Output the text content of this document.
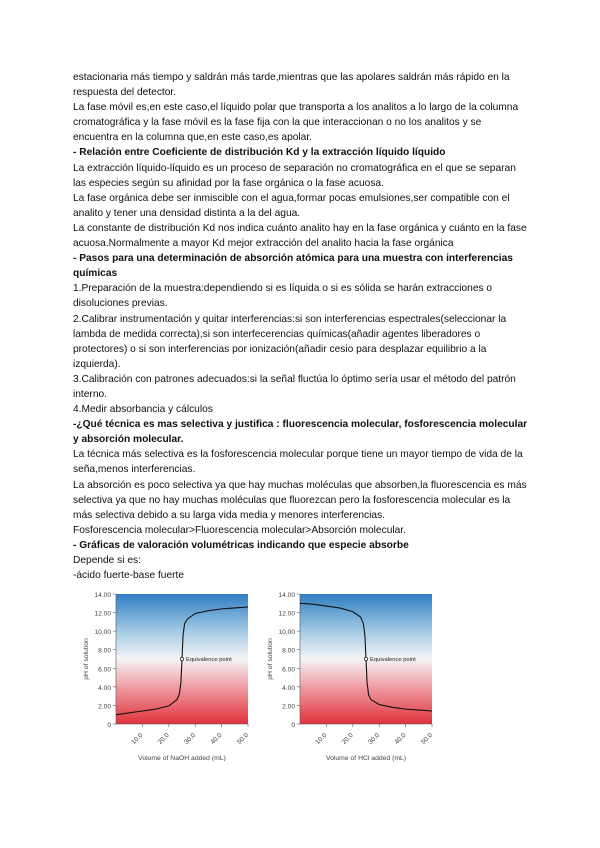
estacionaria más tiempo y saldrán más tarde,mientras que las apolares saldrán más rápido en la respuesta del detector.

La fase móvil es,en este caso,el líquido polar que transporta a los analitos a lo largo de la columna cromatográfica y la fase móvil es la fase fija con la que interaccionan o no los analitos y se encuentra en la columna que,en este caso,es apolar.

- Relación entre Coeficiente de distribución Kd y la extracción líquido líquido

La extracción líquido-líquido es un proceso de separación no cromatográfica en el que se separan las especies según su afinidad por la fase orgánica o la fase acuosa.

La fase orgánica debe ser inmiscible con el agua,formar pocas emulsiones,ser compatible con el analito y tener una densidad distinta a la del agua.

La constante de distribución Kd nos indica cuánto analito hay en la fase orgánica y cuánto en la fase acuosa.Normalmente a mayor Kd mejor extracción del analito hacia la fase orgánica

- Pasos para una determinación de absorción atómica para una muestra con interferencias químicas

1.Preparación de la muestra:dependiendo si es líquida o si es sólida se harán extracciones o disoluciones previas.

2.Calibrar instrumentación y quitar interferencias:si son interferencias espectrales(seleccionar la lambda de medida correcta),si son interfecerencias químicas(añadir agentes liberadores o protectores) o si son interferencias por ionización(añadir cesio para desplazar equilibrio a la izquierda).

3.Calibración con patrones adecuados:si la señal fluctúa lo óptimo sería usar el método del patrón interno.

4.Medir absorbancia y cálculos

-¿Qué técnica es mas selectiva y justifica : fluorescencia molecular, fosforescencia molecular y absorción molecular.

La técnica más selectiva es la fosforescencia molecular porque tiene un mayor tiempo de vida de la seña,menos interferencias.

La absorción es poco selectiva ya que hay muchas moléculas que absorben,la fluorescencia es más selectiva ya que no hay muchas moléculas que fluorezcan pero la fosforescencia molecular es la más selectiva debido a su larga vida media y menores interferencias.

Fosforescencia molecular>Fluorescencia molecular>Absorción molecular.

- Gráficas de valoración volumétricas indicando que especie absorbe

Depende si es:

-ácido fuerte-base fuerte

0
2.00
4.00
6.00
8.00
10.00
12.00
14.00
10.0 20.0 30.0 40.0 50.0
Volume of NaOH added (mL)
pH of solution	Equivalence point
0
2.00
4.00
6.00
8.00
10.00
12.00
14.00
10.0 20.0 30.0 40.0 50.0
Volume of HCl added (mL)
pH of solution	Equivalence point
